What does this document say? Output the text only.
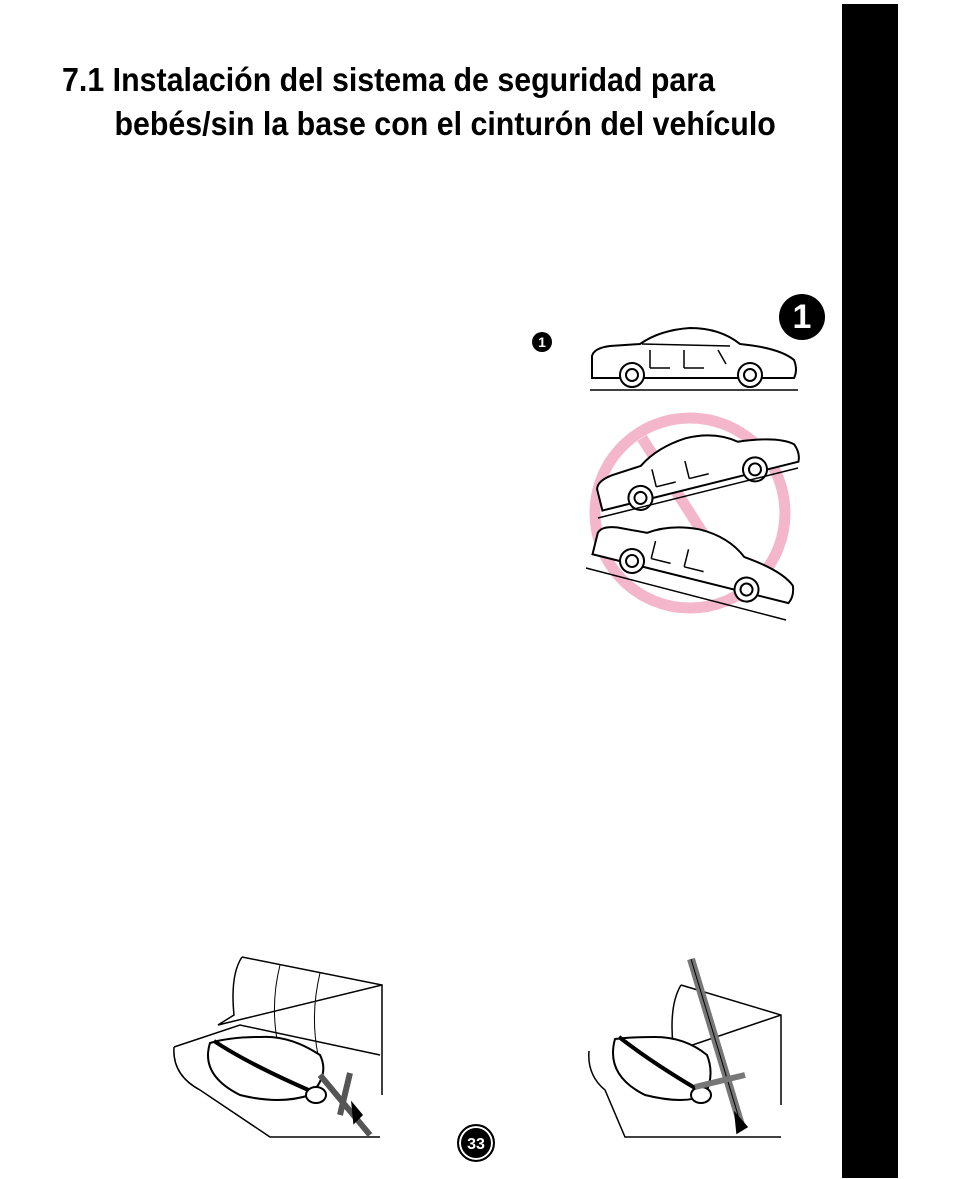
7.1 Instalación del sistema de seguridad para
bebés/sin la base con el cinturón del vehículo
1
1
33
